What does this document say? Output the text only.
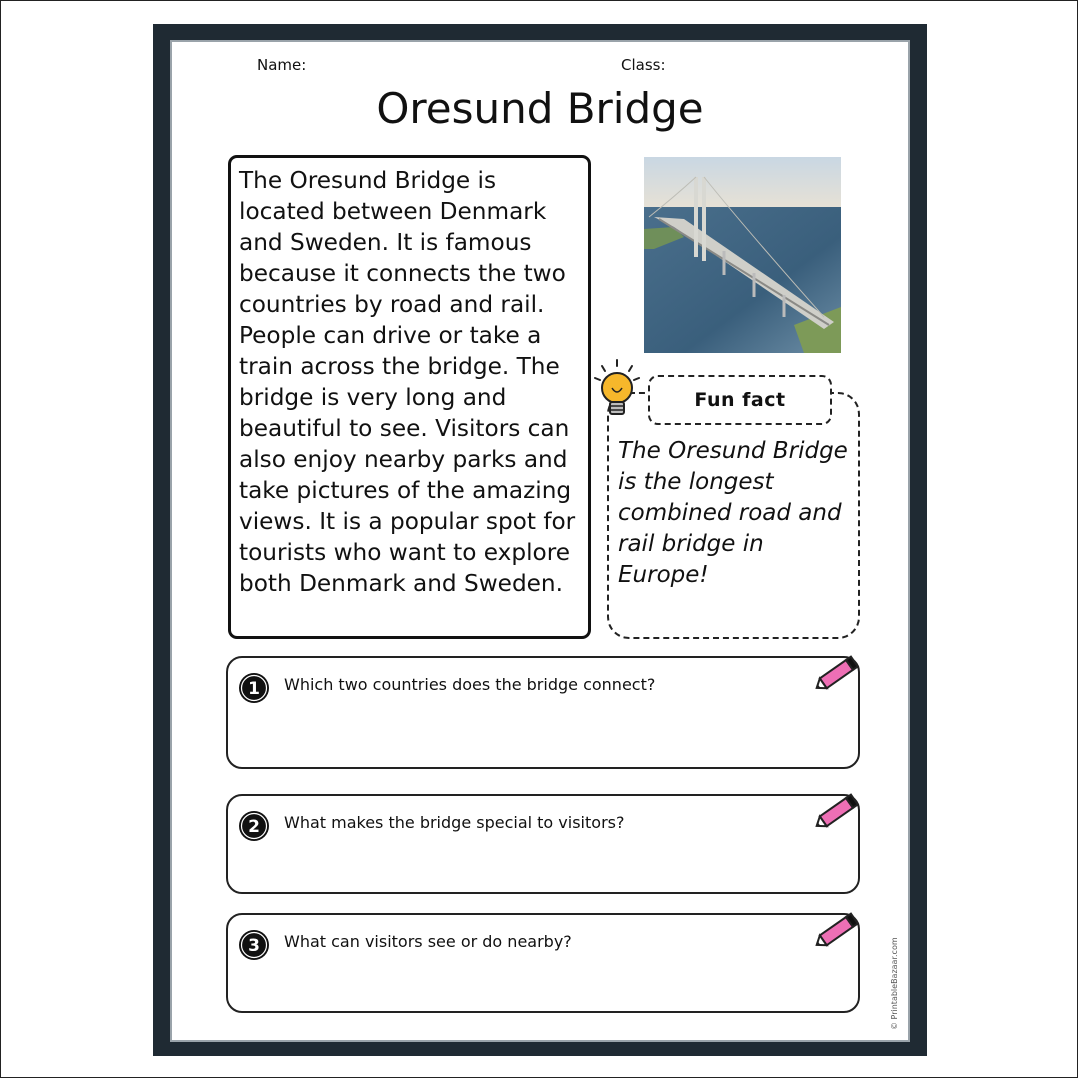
Name:	Class:
Oresund Bridge
The Oresund Bridge is located between Denmark and Sweden. It is famous because it connects the two countries by road and rail. People can drive or take a train across the bridge. The bridge is very long and beautiful to see. Visitors can also enjoy nearby parks and take pictures of the amazing views. It is a popular spot for tourists who want to explore both Denmark and Sweden.
Fun fact
The Oresund Bridge is the longest combined road and rail bridge in Europe!
1 Which two countries does the bridge connect?
2 What makes the bridge special to visitors?
3 What can visitors see or do nearby?	© PrintableBazaar.com
